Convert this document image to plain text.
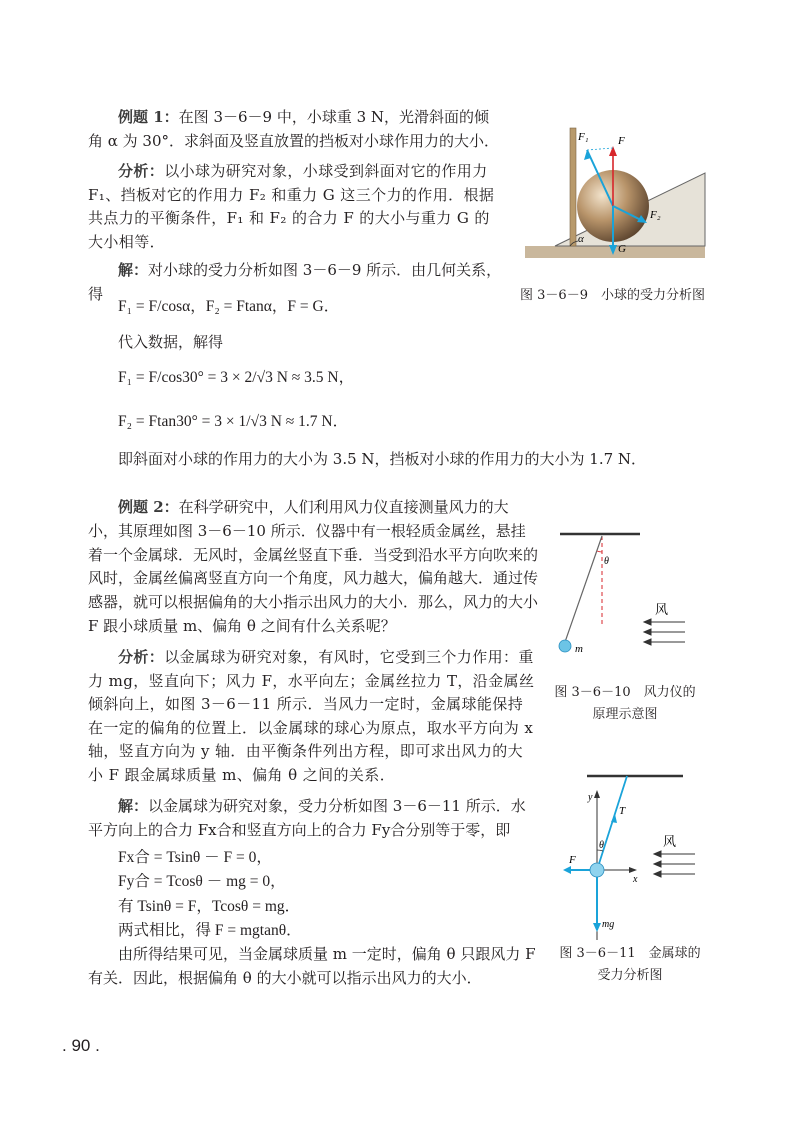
例题 1：在图 3－6－9 中，小球重 3 N，光滑斜面的倾角 α 为 30°．求斜面及竖直放置的挡板对小球作用力的大小．

分析：以小球为研究对象，小球受到斜面对它的作用力 F₁、挡板对它的作用力 F₂ 和重力 G 这三个力的作用．根据共点力的平衡条件，F₁ 和 F₂ 的合力 F 的大小与重力 G 的大小相等．

解：对小球的受力分析如图 3－6－9 所示．由几何关系，得

F₁ = F/cosα，F₂ = Ftanα，F = G．
代入数据，解得
F₁ = F/cos30° = 3 × 2/√3 N ≈ 3.5 N，
F₂ = Ftan30° = 3 × 1/√3 N ≈ 1.7 N．
即斜面对小球的作用力的大小为 3.5 N，挡板对小球的作用力的大小为 1.7 N．
F₁	F
F₂
G
α
图 3－6－9　小球的受力分析图

例题 2：在科学研究中，人们利用风力仪直接测量风力的大小，其原理如图 3－6－10 所示．仪器中有一根轻质金属丝，悬挂着一个金属球．无风时，金属丝竖直下垂．当受到沿水平方向吹来的风时，金属丝偏离竖直方向一个角度，风力越大，偏角越大．通过传感器，就可以根据偏角的大小指示出风力的大小．那么，风力的大小 F 跟小球质量 m、偏角 θ 之间有什么关系呢？

分析：以金属球为研究对象，有风时，它受到三个力作用：重力 mg，竖直向下；风力 F，水平向左；金属丝拉力 T，沿金属丝倾斜向上，如图 3－6－11 所示．当风力一定时，金属球能保持在一定的偏角的位置上．以金属球的球心为原点，取水平方向为 x 轴，竖直方向为 y 轴．由平衡条件列出方程，即可求出风力的大小 F 跟金属球质量 m、偏角 θ 之间的关系．

解：以金属球为研究对象，受力分析如图 3－6－11 所示．水平方向上的合力 Fx合和竖直方向上的合力 Fy合分别等于零，即

Fx合 = Tsinθ － F = 0，
Fy合 = Tcosθ － mg = 0，
有 Tsinθ = F，Tcosθ = mg．
两式相比，得 F = mgtanθ．

由所得结果可见，当金属球质量 m 一定时，偏角 θ 只跟风力 F 有关．因此，根据偏角 θ 的大小就可以指示出风力的大小．

θ
m
风
图 3－6－10　风力仪的
原理示意图
y
T
θ
F
x
mg
风
图 3－6－11　金属球的
受力分析图
. 90 .
